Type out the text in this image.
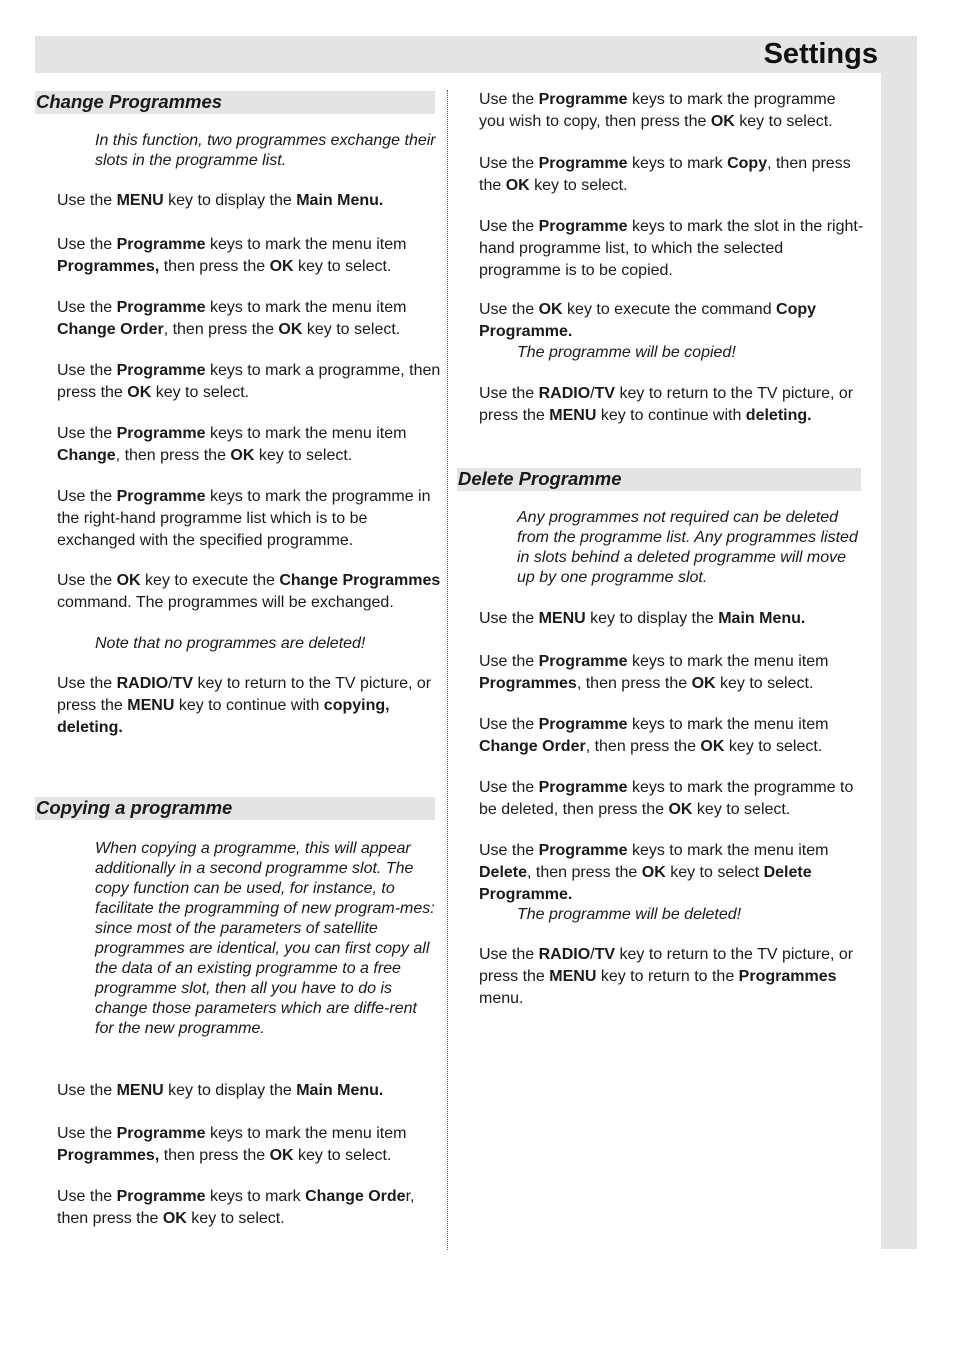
Settings
Change Programmes

In this function, two programmes exchange their slots in the programme list.

Use the MENU key to display the Main Menu.

Use the Programme keys to mark the menu item Programmes, then press the OK key to select.

Use the Programme keys to mark the menu item Change Order, then press the OK key to select.

Use the Programme keys to mark a programme, then press the OK key to select.

Use the Programme keys to mark the menu item Change, then press the OK key to select.

Use the Programme keys to mark the programme in the right-hand programme list which is to be exchanged with the specified programme.

Use the OK key to execute the Change Programmes command. The programmes will be exchanged.

Note that no programmes are deleted!

Use the RADIO/TV key to return to the TV picture, or press the MENU key to continue with copying, deleting.

Copying a programme

When copying a programme, this will appear additionally in a second programme slot. The copy function can be used, for instance, to facilitate the programming of new program-mes: since most of the parameters of satellite programmes are identical, you can first copy all the data of an existing programme to a free programme slot, then all you have to do is change those parameters which are diffe-rent for the new programme.

Use the MENU key to display the Main Menu.

Use the Programme keys to mark the menu item Programmes, then press the OK key to select.

Use the Programme keys to mark Change Order, then press the OK key to select.

Use the Programme keys to mark the programme you wish to copy, then press the OK key to select.

Use the Programme keys to mark Copy, then press the OK key to select.

Use the Programme keys to mark the slot in the right-hand programme list, to which the selected programme is to be copied.

Use the OK key to execute the command Copy Programme.

The programme will be copied!

Use the RADIO/TV key to return to the TV picture, or press the MENU key to continue with deleting.

Delete Programme

Any programmes not required can be deleted from the programme list. Any programmes listed in slots behind a deleted programme will move up by one programme slot.

Use the MENU key to display the Main Menu.

Use the Programme keys to mark the menu item Programmes, then press the OK key to select.

Use the Programme keys to mark the menu item Change Order, then press the OK key to select.

Use the Programme keys to mark the programme to be deleted, then press the OK key to select.

Use the Programme keys to mark the menu item Delete, then press the OK key to select Delete Programme.

The programme will be deleted!

Use the RADIO/TV key to return to the TV picture, or press the MENU key to return to the Programmes menu.
